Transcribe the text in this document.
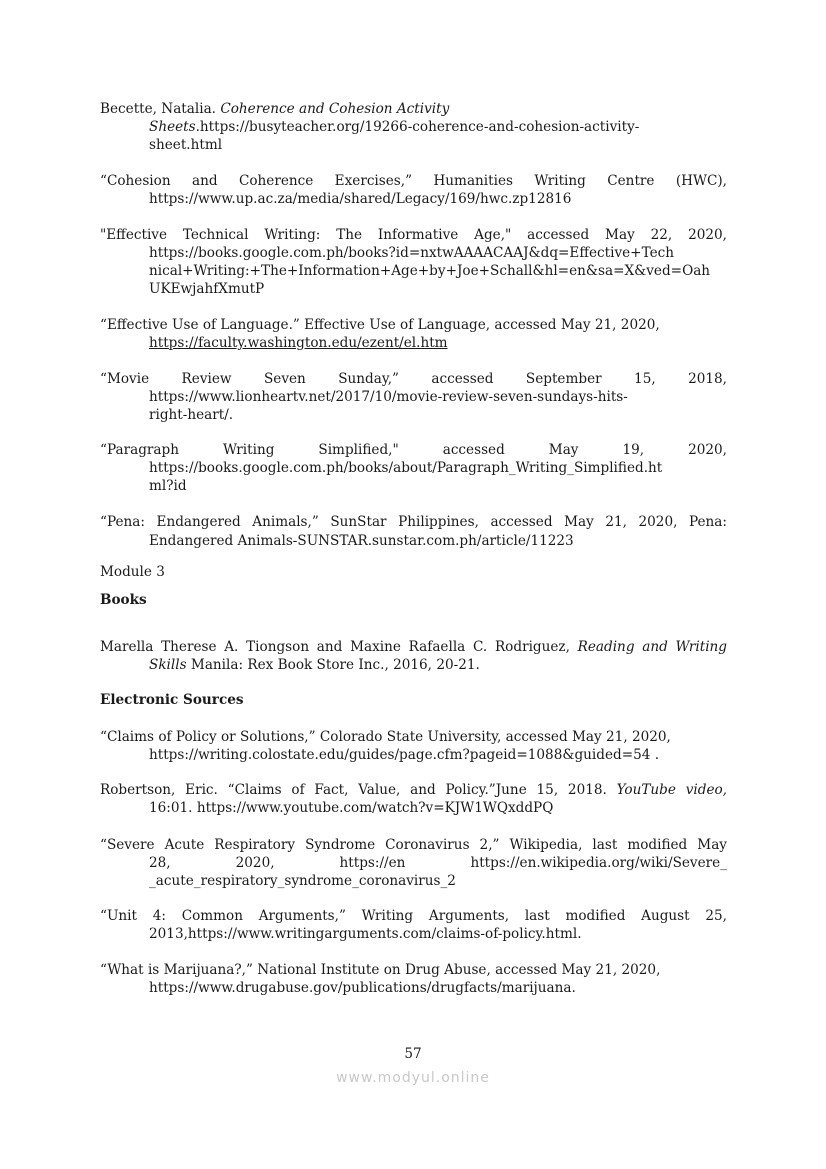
Becette, Natalia. Coherence and Cohesion Activity
Sheets.https://busyteacher.org/19266-coherence-and-cohesion-activity-
sheet.html
“Cohesion and Coherence Exercises,” Humanities Writing Centre (HWC),
https://www.up.ac.za/media/shared/Legacy/169/hwc.zp12816
"Effective Technical Writing: The Informative Age," accessed May 22, 2020,
https://books.google.com.ph/books?id=nxtwAAAACAAJ&dq=Effective+Tech
nical+Writing:+The+Information+Age+by+Joe+Schall&hl=en&sa=X&ved=Oah
UKEwjahfXmutP
“Effective Use of Language.” Effective Use of Language, accessed May 21, 2020,
https://faculty.washington.edu/ezent/el.htm
“Movie Review Seven Sunday,” accessed September 15, 2018,
https://www.lionheartv.net/2017/10/movie-review-seven-sundays-hits-
right-heart/.
“Paragraph Writing Simplified," accessed May 19, 2020,
https://books.google.com.ph/books/about/Paragraph_Writing_Simplified.ht
ml?id
“Pena: Endangered Animals,” SunStar Philippines, accessed May 21, 2020, Pena:
Endangered Animals-SUNSTAR.sunstar.com.ph/article/11223
Module 3
Books
Marella Therese A. Tiongson and Maxine Rafaella C. Rodriguez, Reading and Writing
Skills Manila: Rex Book Store Inc., 2016, 20-21.
Electronic Sources
“Claims of Policy or Solutions,” Colorado State University, accessed May 21, 2020,
https://writing.colostate.edu/guides/page.cfm?pageid=1088&guided=54 .
Robertson, Eric. “Claims of Fact, Value, and Policy.”June 15, 2018. YouTube video,
16:01. https://www.youtube.com/watch?v=KJW1WQxddPQ
“Severe Acute Respiratory Syndrome Coronavirus 2,” Wikipedia, last modified May
28, 2020, https://en https://en.wikipedia.org/wiki/Severe_
_acute_respiratory_syndrome_coronavirus_2
“Unit 4: Common Arguments,” Writing Arguments, last modified August 25,
2013,https://www.writingarguments.com/claims-of-policy.html.
“What is Marijuana?,” National Institute on Drug Abuse, accessed May 21, 2020,
https://www.drugabuse.gov/publications/drugfacts/marijuana.
57
www.modyul.online
